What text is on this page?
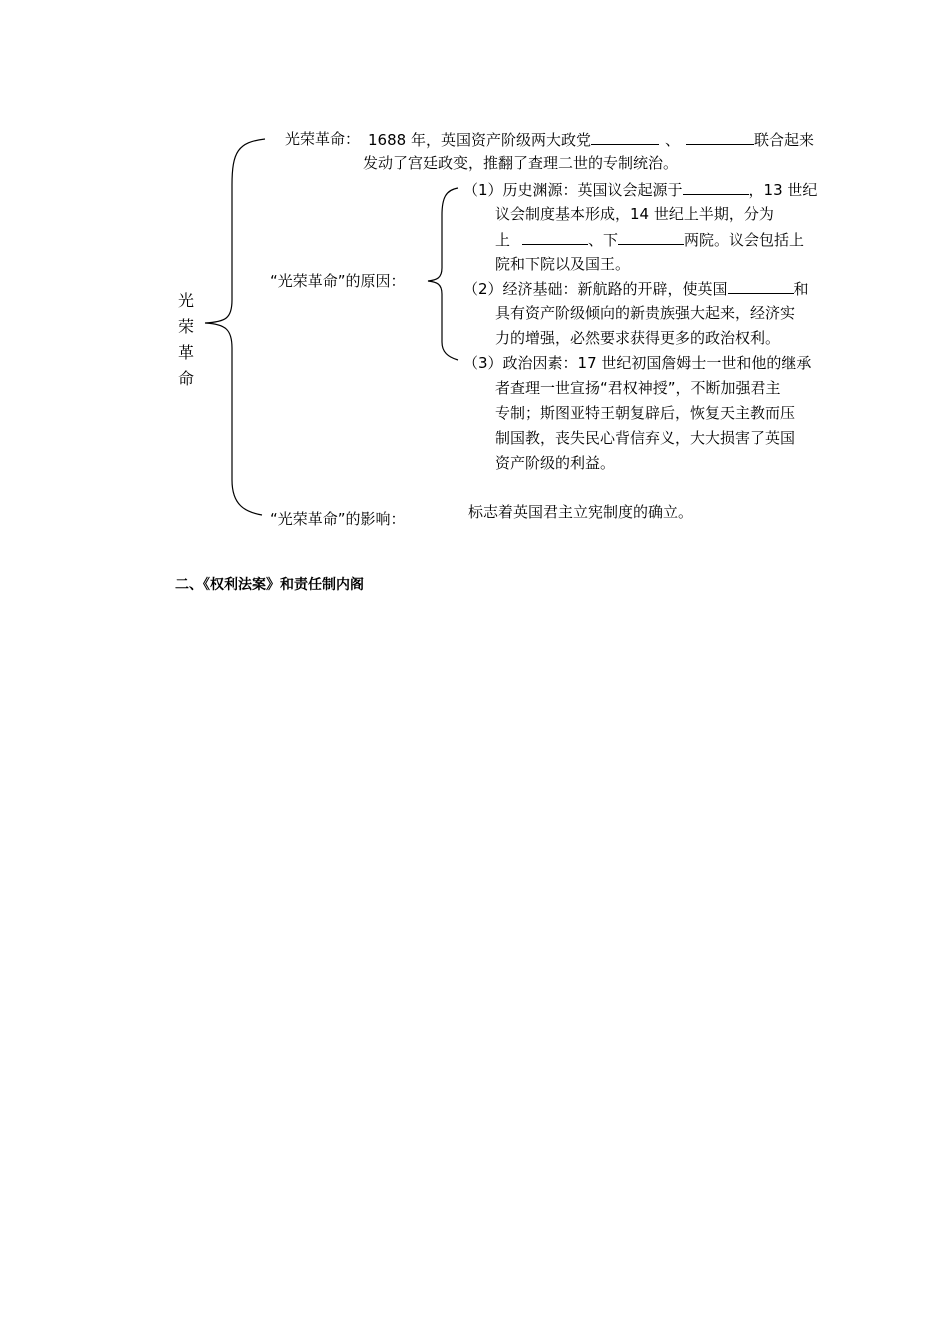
光
荣
革
命
光荣革命： 1688 年，英国资产阶级两大政党	、	联合起来
发动了宫廷政变，推翻了查理二世的专制统治。
“光荣革命”的原因：
（1）历史渊源：英国议会起源于	，13 世纪
议会制度基本形成，14 世纪上半期，分为
上	、下	两院。议会包括上
院和下院以及国王。
（2）经济基础：新航路的开辟，使英国	和
具有资产阶级倾向的新贵族强大起来，经济实
力的增强，必然要求获得更多的政治权利。
（3）政治因素：17 世纪初国詹姆士一世和他的继承
者查理一世宣扬“君权神授”，不断加强君主
专制；斯图亚特王朝复辟后，恢复天主教而压
制国教，丧失民心背信弃义，大大损害了英国
资产阶级的利益。
“光荣革命”的影响：	标志着英国君主立宪制度的确立。
二、《权利法案》和责任制内阁
